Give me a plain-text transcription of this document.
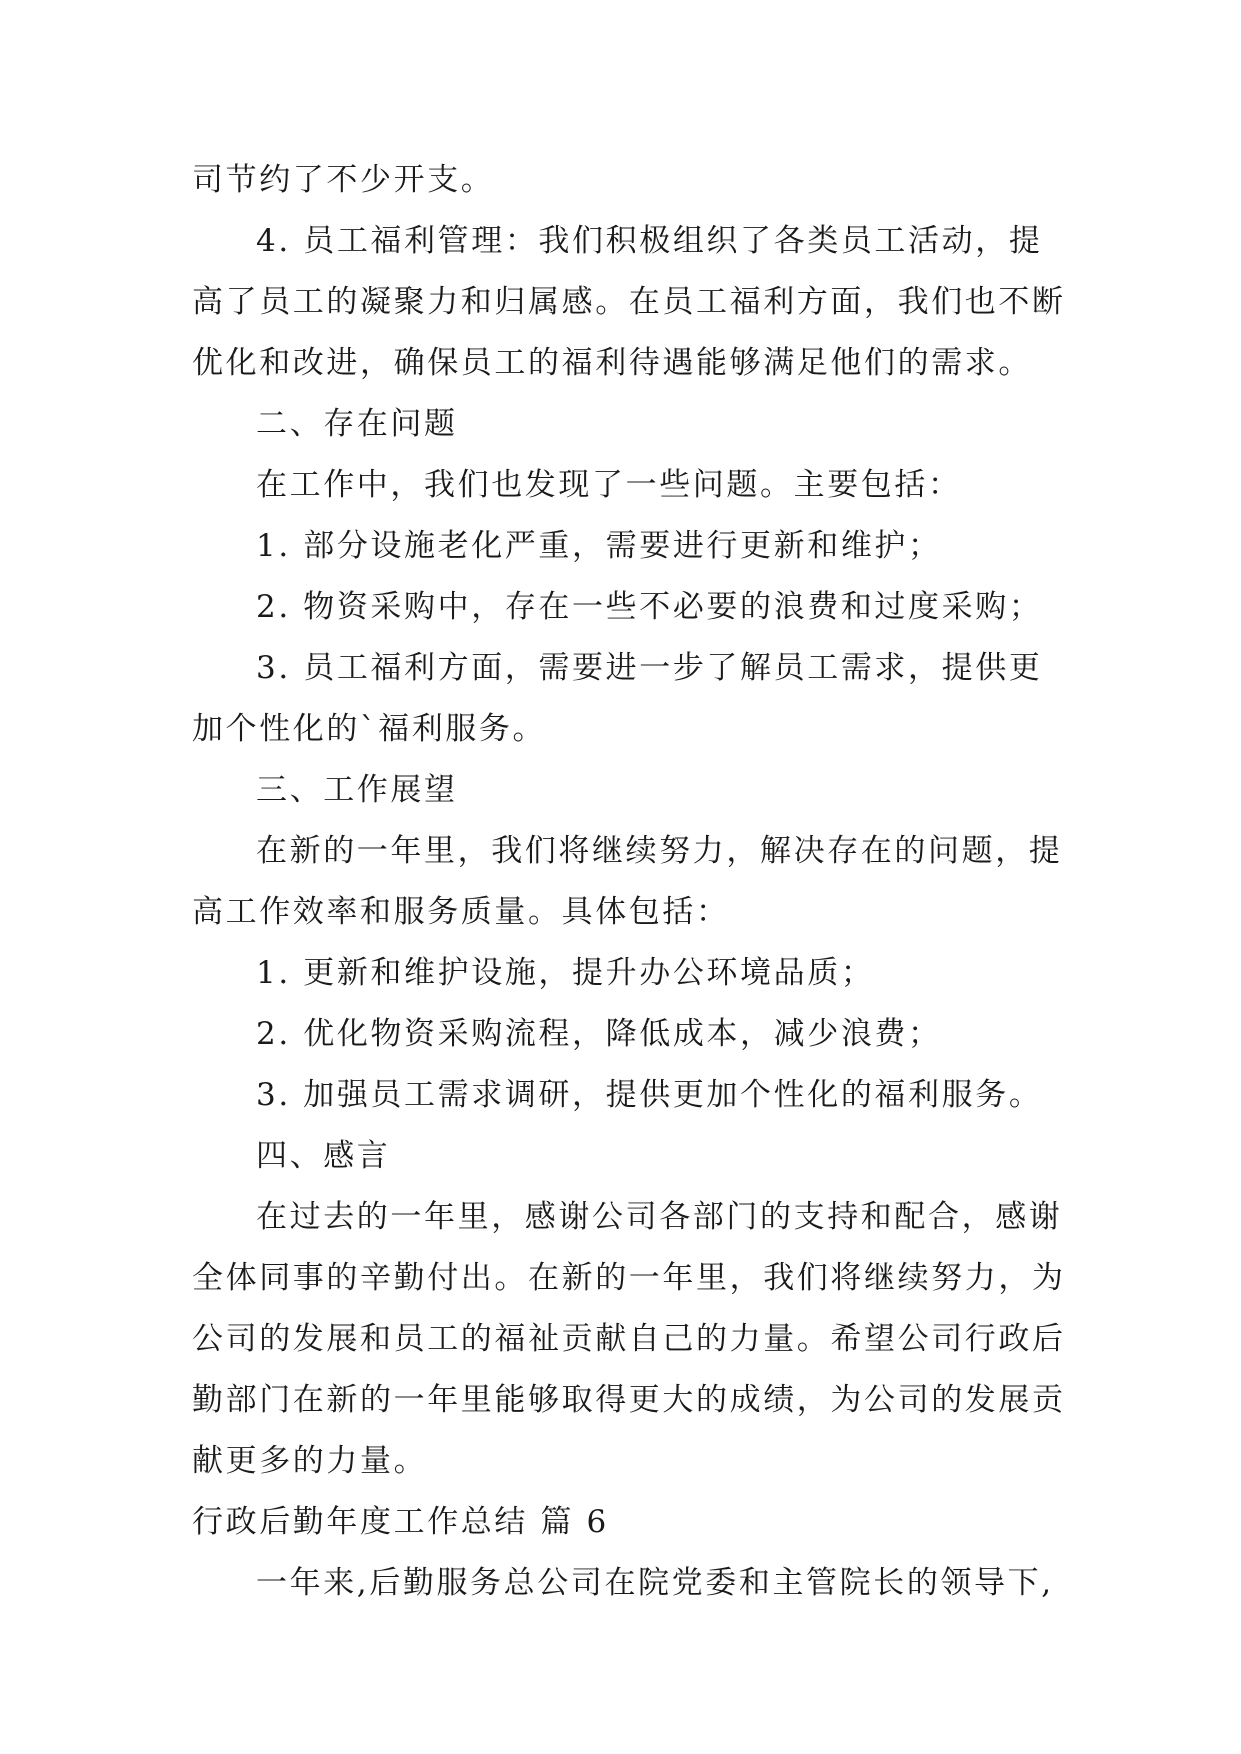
司节约了不少开支。

4. 员工福利管理：我们积极组织了各类员工活动，提

高了员工的凝聚力和归属感。在员工福利方面，我们也不断

优化和改进，确保员工的福利待遇能够满足他们的需求。

二、存在问题

在工作中，我们也发现了一些问题。主要包括：

1. 部分设施老化严重，需要进行更新和维护；

2. 物资采购中，存在一些不必要的浪费和过度采购；

3. 员工福利方面，需要进一步了解员工需求，提供更

加个性化的`福利服务。

三、工作展望

在新的一年里，我们将继续努力，解决存在的问题，提

高工作效率和服务质量。具体包括：

1. 更新和维护设施，提升办公环境品质；

2. 优化物资采购流程，降低成本，减少浪费；

3. 加强员工需求调研，提供更加个性化的福利服务。

四、感言

在过去的一年里，感谢公司各部门的支持和配合，感谢

全体同事的辛勤付出。在新的一年里，我们将继续努力，为

公司的发展和员工的福祉贡献自己的力量。希望公司行政后

勤部门在新的一年里能够取得更大的成绩，为公司的发展贡

献更多的力量。

行政后勤年度工作总结 篇 6

一年来,后勤服务总公司在院党委和主管院长的领导下,
